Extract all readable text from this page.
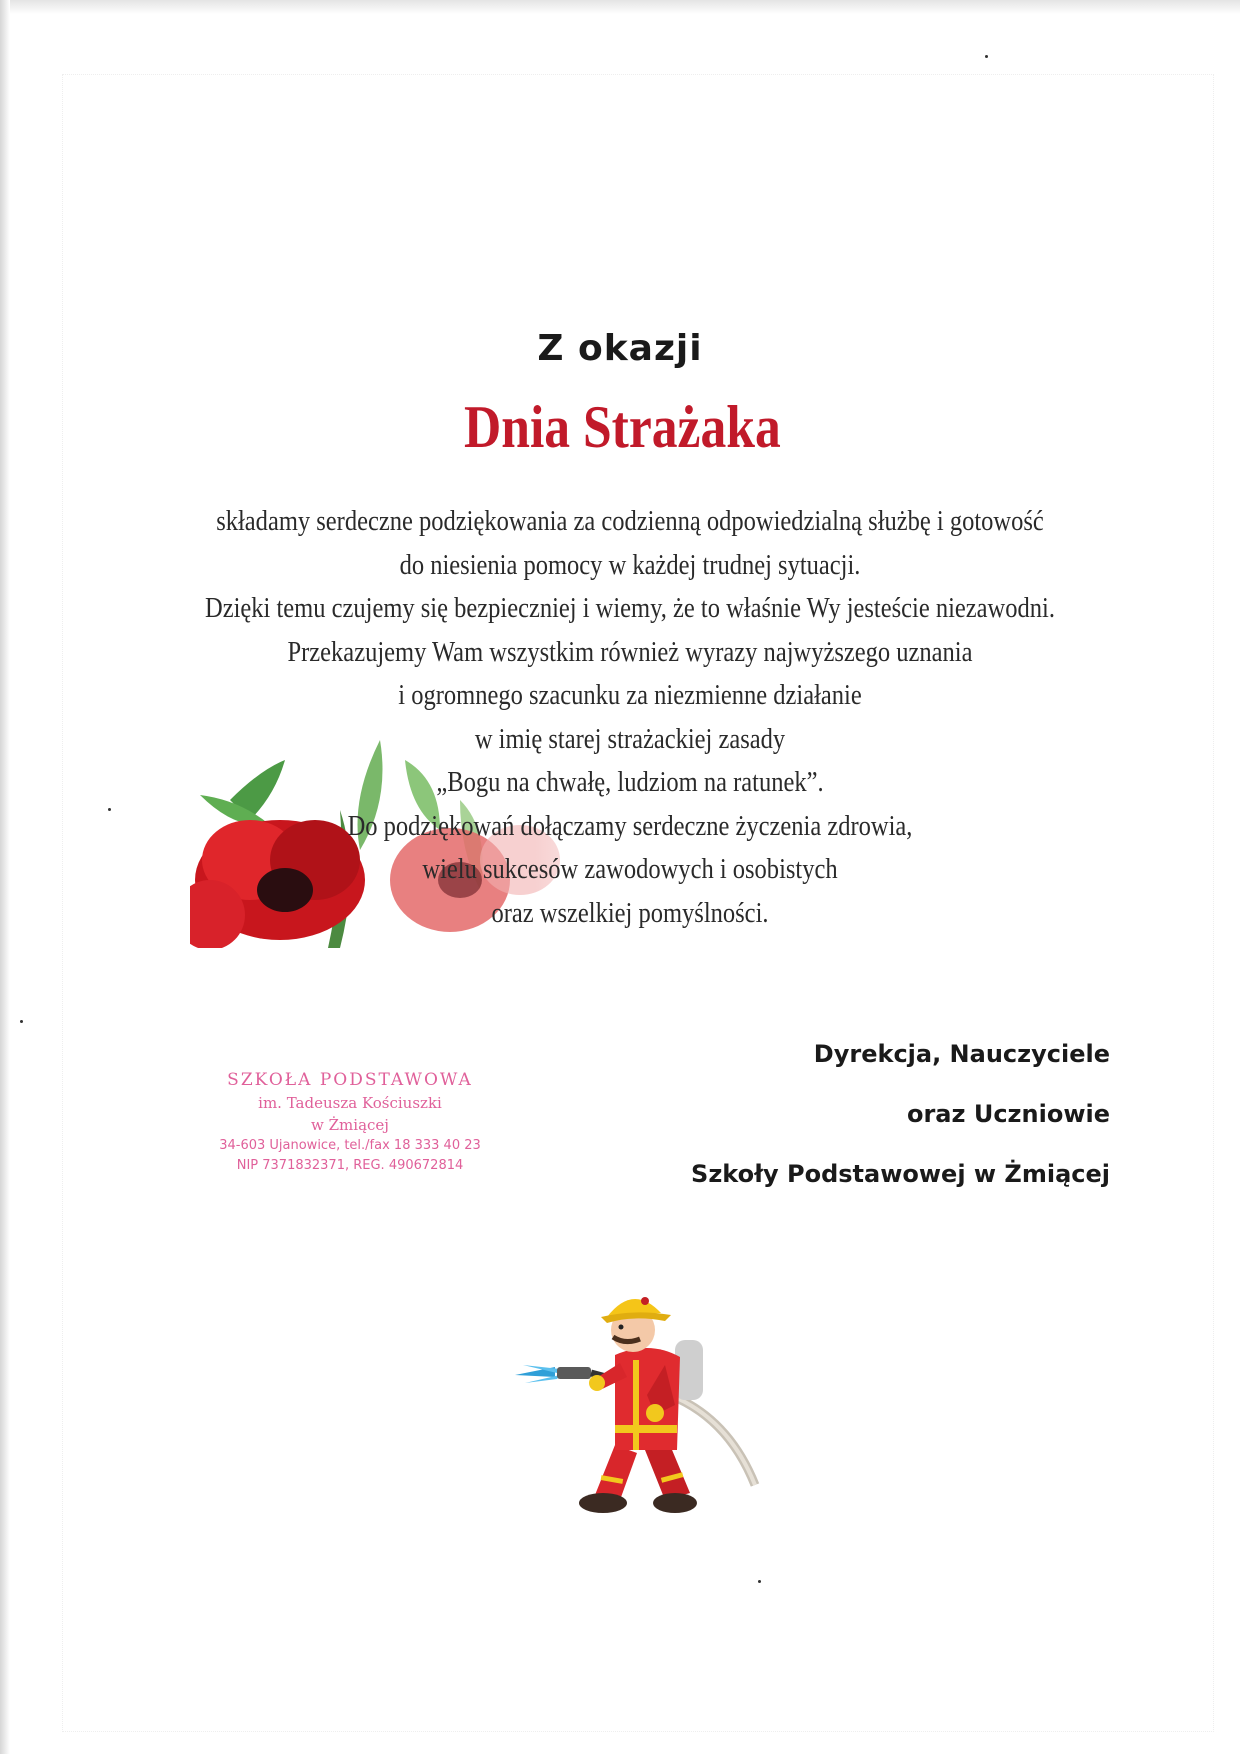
Z okazji
Dnia Strażaka
składamy serdeczne podziękowania za codzienną odpowiedzialną służbę i gotowość
do niesienia pomocy w każdej trudnej sytuacji.
Dzięki temu czujemy się bezpieczniej i wiemy, że to właśnie Wy jesteście niezawodni.
Przekazujemy Wam wszystkim również wyrazy najwyższego uznania
i ogromnego szacunku za niezmienne działanie
w imię starej strażackiej zasady
„Bogu na chwałę, ludziom na ratunek”.
Do podziękowań dołączamy serdeczne życzenia zdrowia,
wielu sukcesów zawodowych i osobistych
oraz wszelkiej pomyślności.
SZKOŁA PODSTAWOWA
im. Tadeusza Kościuszki
w Żmiącej
34-603 Ujanowice, tel./fax 18 333 40 23
NIP 7371832371, REG. 490672814
Dyrekcja, Nauczyciele
oraz Uczniowie
Szkoły Podstawowej w Żmiącej
